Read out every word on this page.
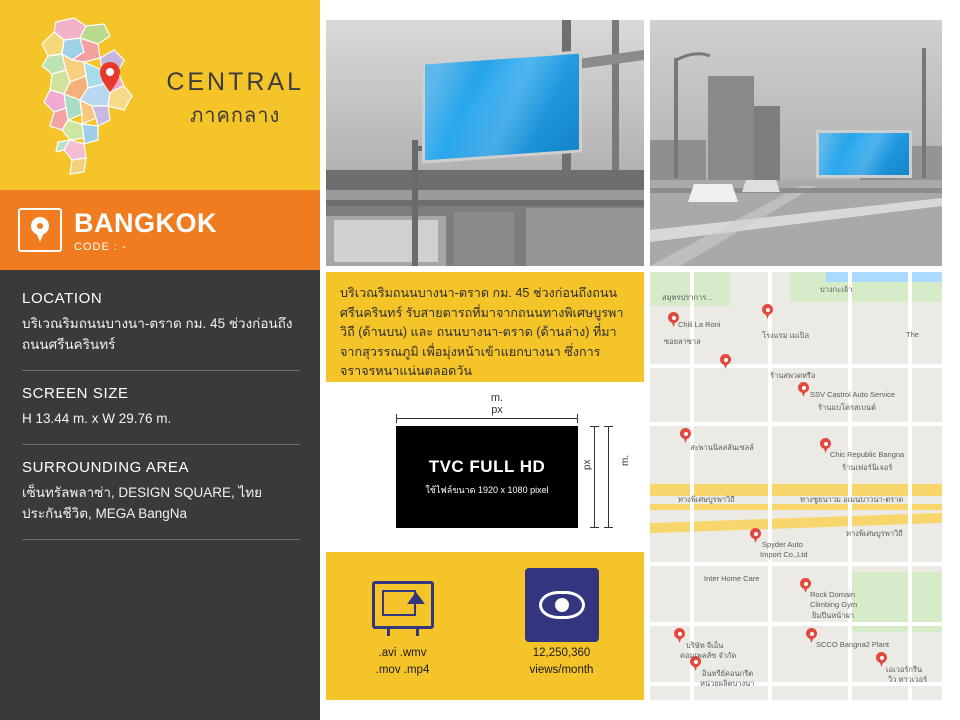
CENTRAL
ภาคกลาง
BANGKOK
CODE : -
LOCATION
บริเวณริมถนนบางนา-ตราด กม. 45 ช่วงก่อนถึงถนนศรีนครินทร์
SCREEN SIZE
H 13.44 m. x W 29.76 m.
SURROUNDING AREA
เซ็นทรัลพลาซ่า, DESIGN SQUARE, ไทยประกันชีวิต, MEGA BangNa
บริเวณริมถนนบางนา-ตราด กม. 45 ช่วงก่อนถึงถนนศรีนครินทร์ รับสายตารถที่มาจากถนนทางพิเศษบูรพาวิถี (ด้านบน) และ ถนนบางนา-ตราด (ด้านล่าง) ที่มาจากสุวรรณภูมิ เพื่อมุ่งหน้าเข้าแยกบางนา ซึ่งการจราจรหนาแน่นตลอดวัน
m.
px
TVC FULL HD
ใช้ไฟล์ขนาด 1920 x 1080 pixel
px	m.
.avi .wmv
.mov .mp4
12,250,360
views/month
สมุทรปราการ...
บางกะเจ้า
Chili La Roni
โรงแรม เมเปิล
ซอยลาซาล
The
ร้านสพวดหรือ
SSV Castrol Auto Service
ร้านแบโครสเบนต์
สะพานนิลสลันเซลล์
Chic Republic Bangna
ร้านเฟอร์นิเจอร์
ทางพิเศษบูรพาวิถี	ทางชูธนาวม อเมนบาวนา-ตราด
ทางพิเศษบูรพาวิถี
Spyder Auto
Import Co.,Ltd
Inter Home Care
Rock Domain
Climbing Gym
ยิมปีนหน้าผา
บริษัท จีเอ็น
คอมเพลส์ซ จำกัด
SCCO Bangna2 Plant
อินทรีย์คอนกรีต
หน่วยผลิตบางนา
เอเวอร์กรีน
วิว ทาวเวอร์
